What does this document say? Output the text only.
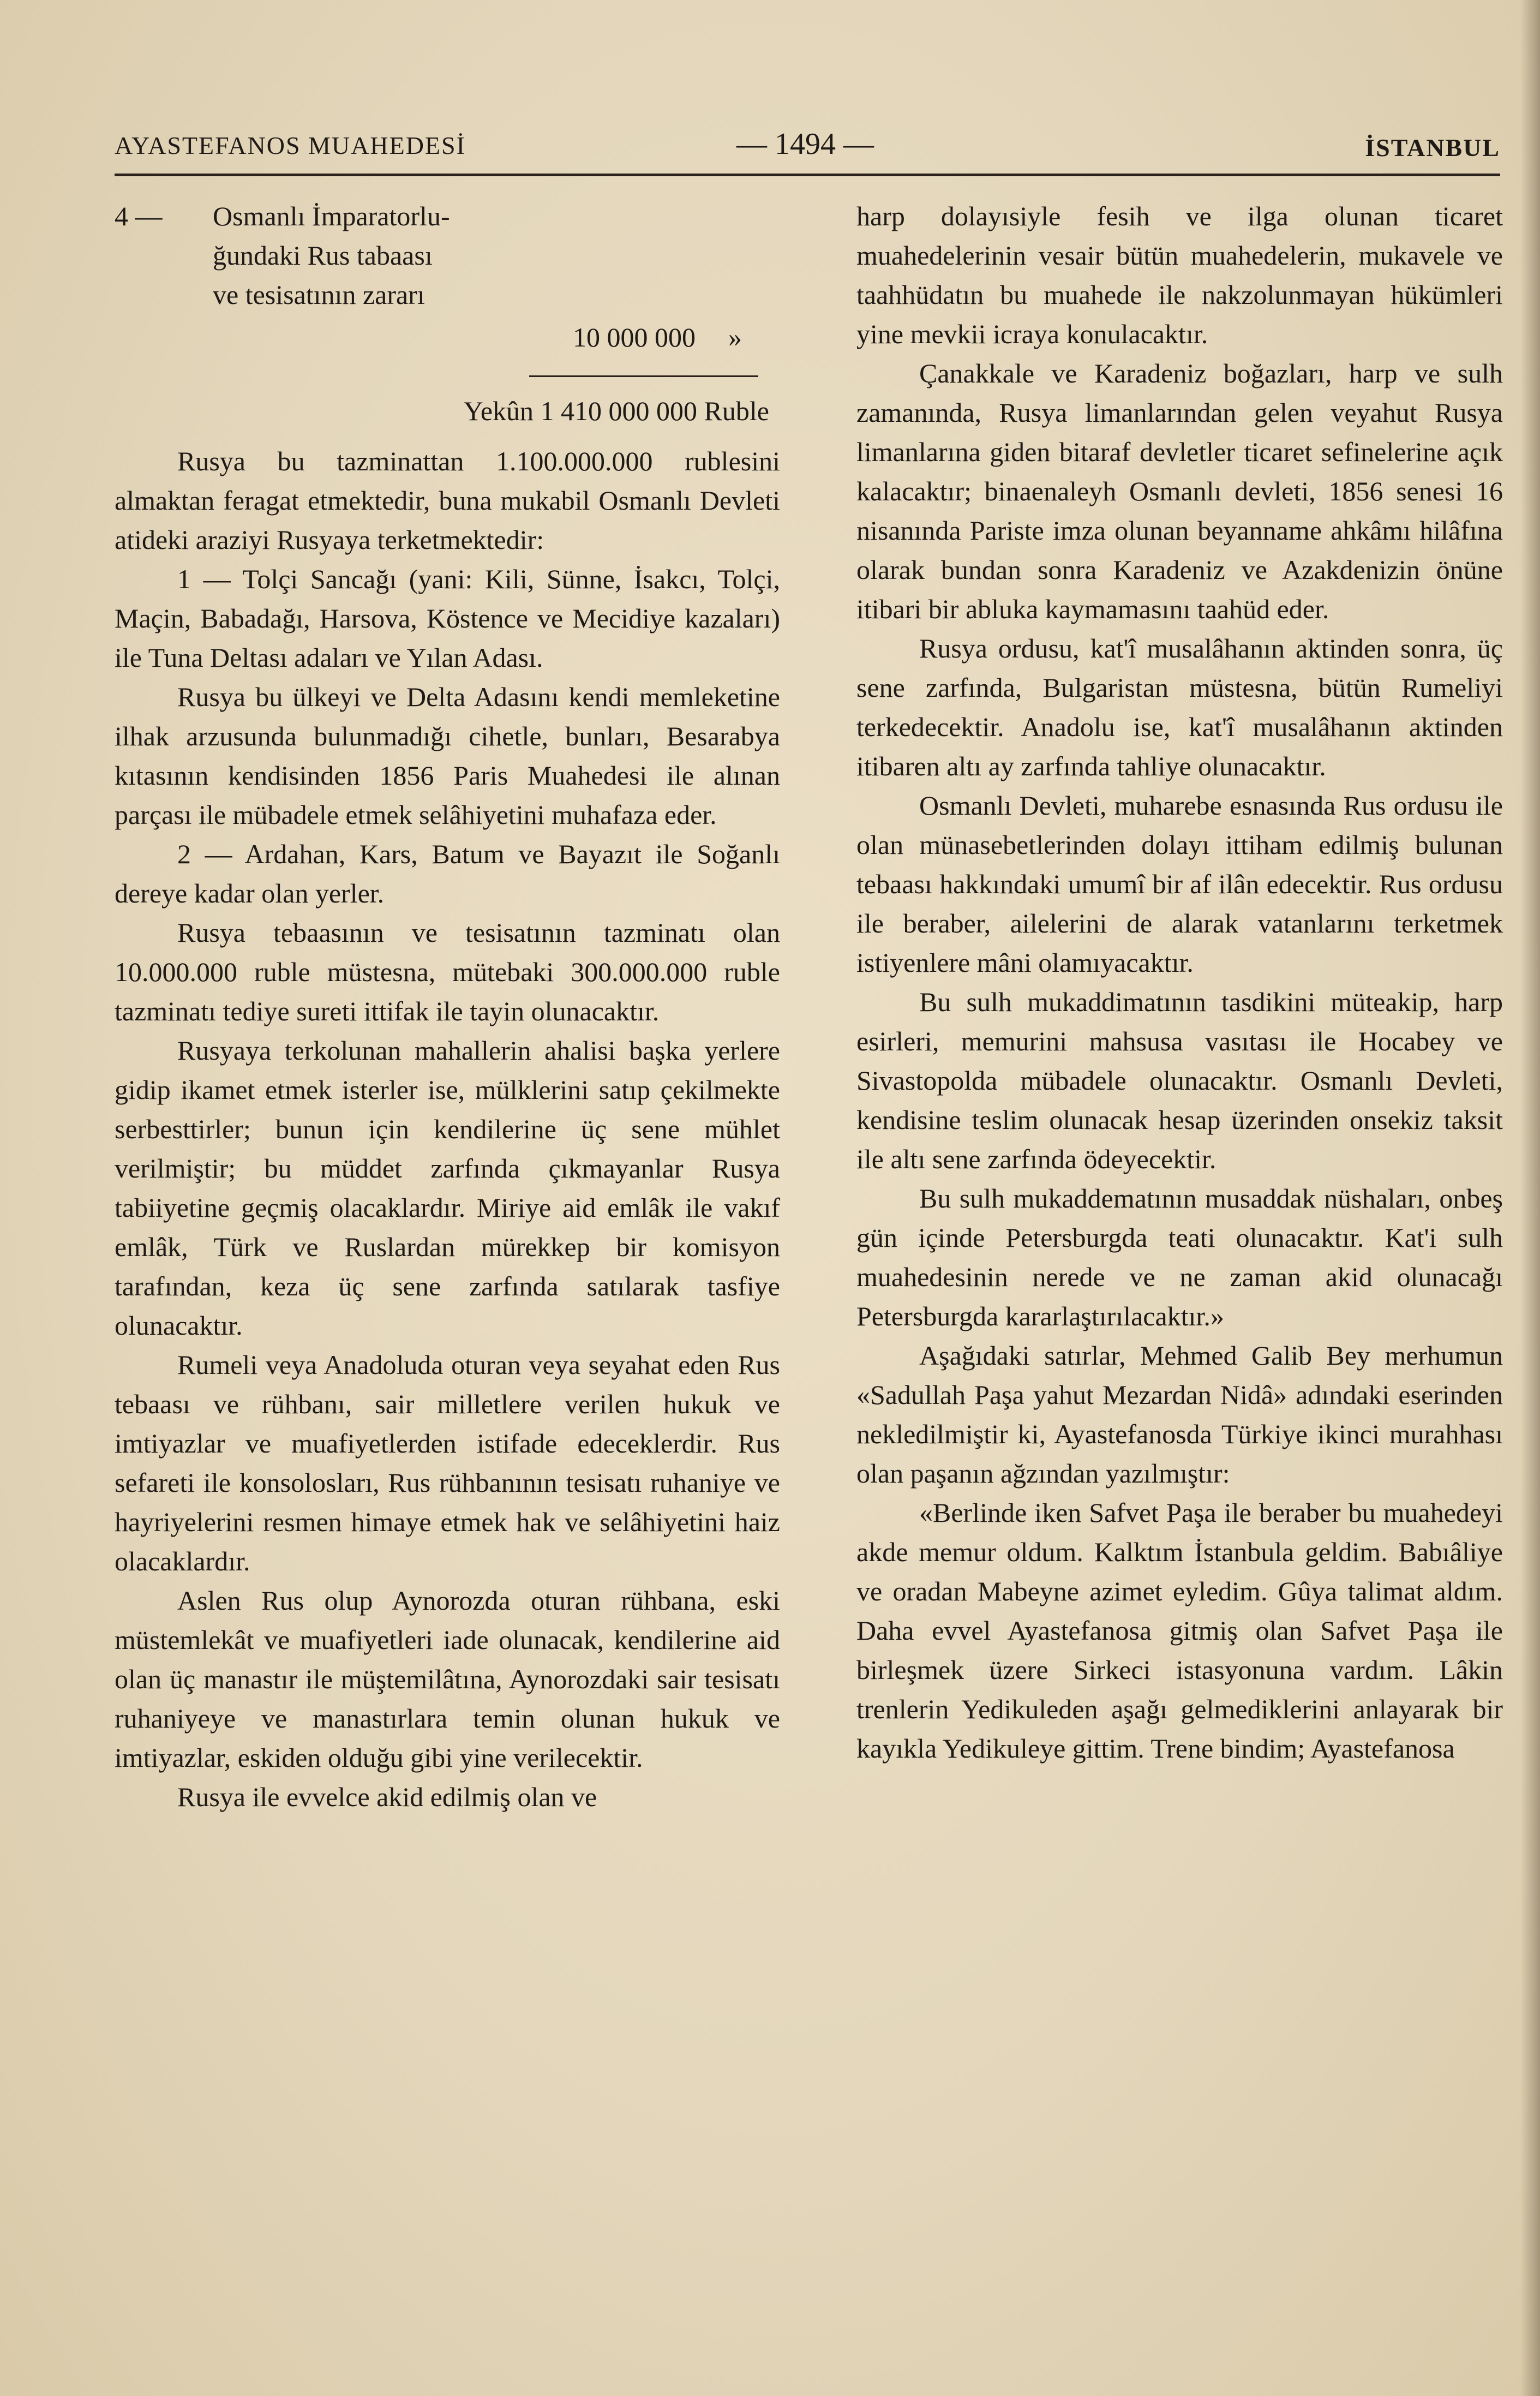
AYASTEFANOS MUAHEDESİ	— 1494 —	İSTANBUL
4 —	Osmanlı İmparatorlu-
ğundaki Rus tabaası
ve tesisatının zararı
10 000 000 »
Yekûn 1 410 000 000 Ruble

Rusya bu tazminattan 1.100.000.000 rublesini almaktan feragat etmektedir, buna mukabil Osmanlı Devleti atideki araziyi Rusyaya terketmektedir:

1 — Tolçi Sancağı (yani: Kili, Sünne, İsakcı, Tolçi, Maçin, Babadağı, Harsova, Köstence ve Mecidiye kazaları) ile Tuna Deltası adaları ve Yılan Adası.

Rusya bu ülkeyi ve Delta Adasını kendi memleketine ilhak arzusunda bulunmadığı cihetle, bunları, Besarabya kıtasının kendisinden 1856 Paris Muahedesi ile alınan parçası ile mübadele etmek selâhiyetini muhafaza eder.

2 — Ardahan, Kars, Batum ve Bayazıt ile Soğanlı dereye kadar olan yerler.

Rusya tebaasının ve tesisatının tazminatı olan 10.000.000 ruble müstesna, mütebaki 300.000.000 ruble tazminatı tediye sureti ittifak ile tayin olunacaktır.

Rusyaya terkolunan mahallerin ahalisi başka yerlere gidip ikamet etmek isterler ise, mülklerini satıp çekilmekte serbesttirler; bunun için kendilerine üç sene mühlet verilmiştir; bu müddet zarfında çıkmayanlar Rusya tabiiyetine geçmiş olacaklardır. Miriye aid emlâk ile vakıf emlâk, Türk ve Ruslardan mürekkep bir komisyon tarafından, keza üç sene zarfında satılarak tasfiye olunacaktır.

Rumeli veya Anadoluda oturan veya seyahat eden Rus tebaası ve rühbanı, sair milletlere verilen hukuk ve imtiyazlar ve muafiyetlerden istifade edeceklerdir. Rus sefareti ile konsolosları, Rus rühbanının tesisatı ruhaniye ve hayriyelerini resmen himaye etmek hak ve selâhiyetini haiz olacaklardır.

Aslen Rus olup Aynorozda oturan rühbana, eski müstemlekât ve muafiyetleri iade olunacak, kendilerine aid olan üç manastır ile müştemilâtına, Aynorozdaki sair tesisatı ruhaniyeye ve manastırlara temin olunan hukuk ve imtiyazlar, eskiden olduğu gibi yine verilecektir.

Rusya ile evvelce akid edilmiş olan ve

harp dolayısiyle fesih ve ilga olunan ticaret muahedelerinin vesair bütün muahedelerin, mukavele ve taahhüdatın bu muahede ile nakzolunmayan hükümleri yine mevkii icraya konulacaktır.

Çanakkale ve Karadeniz boğazları, harp ve sulh zamanında, Rusya limanlarından gelen veyahut Rusya limanlarına giden bitaraf devletler ticaret sefinelerine açık kalacaktır; binaenaleyh Osmanlı devleti, 1856 senesi 16 nisanında Pariste imza olunan beyanname ahkâmı hilâfına olarak bundan sonra Karadeniz ve Azakdenizin önüne itibari bir abluka kaymamasını taahüd eder.

Rusya ordusu, kat'î musalâhanın aktinden sonra, üç sene zarfında, Bulgaristan müstesna, bütün Rumeliyi terkedecektir. Anadolu ise, kat'î musalâhanın aktinden itibaren altı ay zarfında tahliye olunacaktır.

Osmanlı Devleti, muharebe esnasında Rus ordusu ile olan münasebetlerinden dolayı ittiham edilmiş bulunan tebaası hakkındaki umumî bir af ilân edecektir. Rus ordusu ile beraber, ailelerini de alarak vatanlarını terketmek istiyenlere mâni olamıyacaktır.

Bu sulh mukaddimatının tasdikini müteakip, harp esirleri, memurini mahsusa vasıtası ile Hocabey ve Sivastopolda mübadele olunacaktır. Osmanlı Devleti, kendisine teslim olunacak hesap üzerinden onsekiz taksit ile altı sene zarfında ödeyecektir.

Bu sulh mukaddematının musaddak nüshaları, onbeş gün içinde Petersburgda teati olunacaktır. Kat'i sulh muahedesinin nerede ve ne zaman akid olunacağı Petersburgda kararlaştırılacaktır.»

Aşağıdaki satırlar, Mehmed Galib Bey merhumun «Sadullah Paşa yahut Mezardan Nidâ» adındaki eserinden nekledilmiştir ki, Ayastefanosda Türkiye ikinci murahhası olan paşanın ağzından yazılmıştır:

«Berlinde iken Safvet Paşa ile beraber bu muahedeyi akde memur oldum. Kalktım İstanbula geldim. Babıâliye ve oradan Mabeyne azimet eyledim. Gûya talimat aldım. Daha evvel Ayastefanosa gitmiş olan Safvet Paşa ile birleşmek üzere Sirkeci istasyonuna vardım. Lâkin trenlerin Yedikuleden aşağı gelmediklerini anlayarak bir kayıkla Yedikuleye gittim. Trene bindim; Ayastefanosa
